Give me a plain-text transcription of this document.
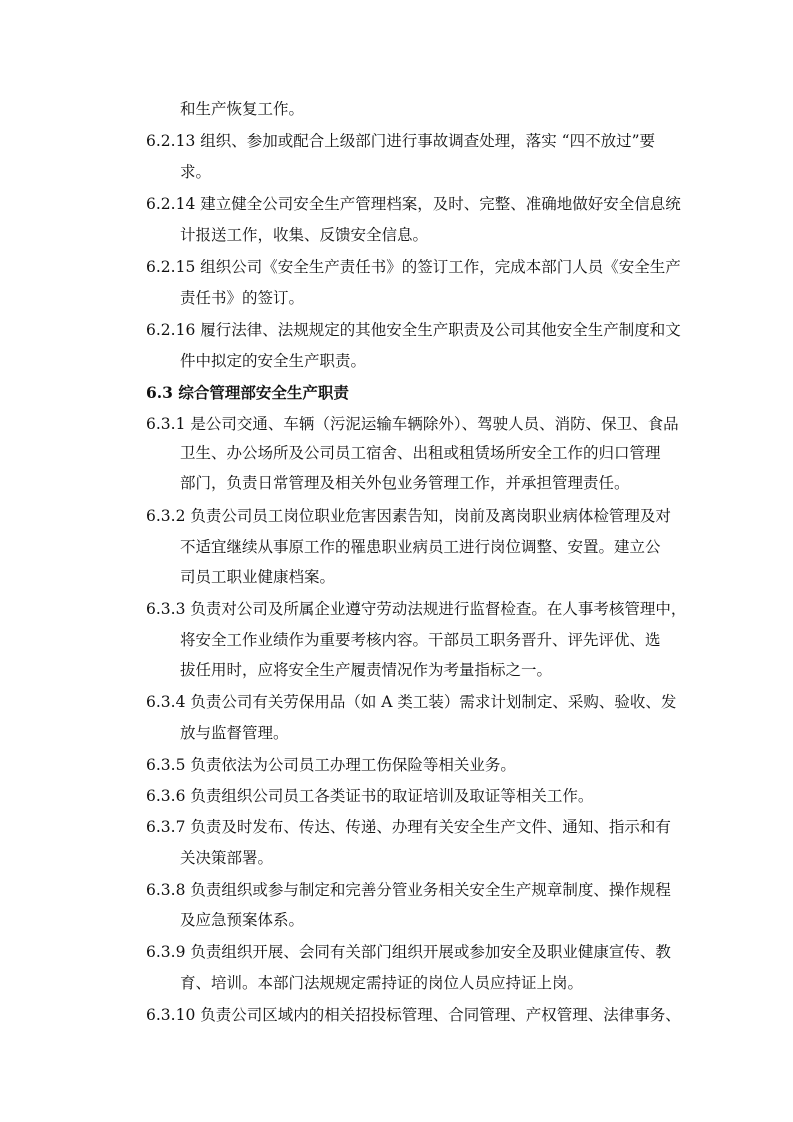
和生产恢复工作。
6.2.13 组织、参加或配合上级部门进行事故调查处理，落实 “四不放过”要
求。
6.2.14 建立健全公司安全生产管理档案，及时、完整、准确地做好安全信息统
计报送工作，收集、反馈安全信息。
6.2.15 组织公司《安全生产责任书》的签订工作，完成本部门人员《安全生产
责任书》的签订。
6.2.16 履行法律、法规规定的其他安全生产职责及公司其他安全生产制度和文
件中拟定的安全生产职责。
6.3 综合管理部安全生产职责
6.3.1 是公司交通、车辆（污泥运输车辆除外）、驾驶人员、消防、保卫、食品
卫生、办公场所及公司员工宿舍、出租或租赁场所安全工作的归口管理
部门，负责日常管理及相关外包业务管理工作，并承担管理责任。
6.3.2 负责公司员工岗位职业危害因素告知，岗前及离岗职业病体检管理及对
不适宜继续从事原工作的罹患职业病员工进行岗位调整、安置。建立公
司员工职业健康档案。
6.3.3 负责对公司及所属企业遵守劳动法规进行监督检查。在人事考核管理中，
将安全工作业绩作为重要考核内容。干部员工职务晋升、评先评优、选
拔任用时，应将安全生产履责情况作为考量指标之一。
6.3.4 负责公司有关劳保用品（如 A 类工装）需求计划制定、采购、验收、发
放与监督管理。
6.3.5 负责依法为公司员工办理工伤保险等相关业务。
6.3.6 负责组织公司员工各类证书的取证培训及取证等相关工作。
6.3.7 负责及时发布、传达、传递、办理有关安全生产文件、通知、指示和有
关决策部署。
6.3.8 负责组织或参与制定和完善分管业务相关安全生产规章制度、操作规程
及应急预案体系。
6.3.9 负责组织开展、会同有关部门组织开展或参加安全及职业健康宣传、教
育、培训。本部门法规规定需持证的岗位人员应持证上岗。
6.3.10 负责公司区域内的相关招投标管理、合同管理、产权管理、法律事务、
